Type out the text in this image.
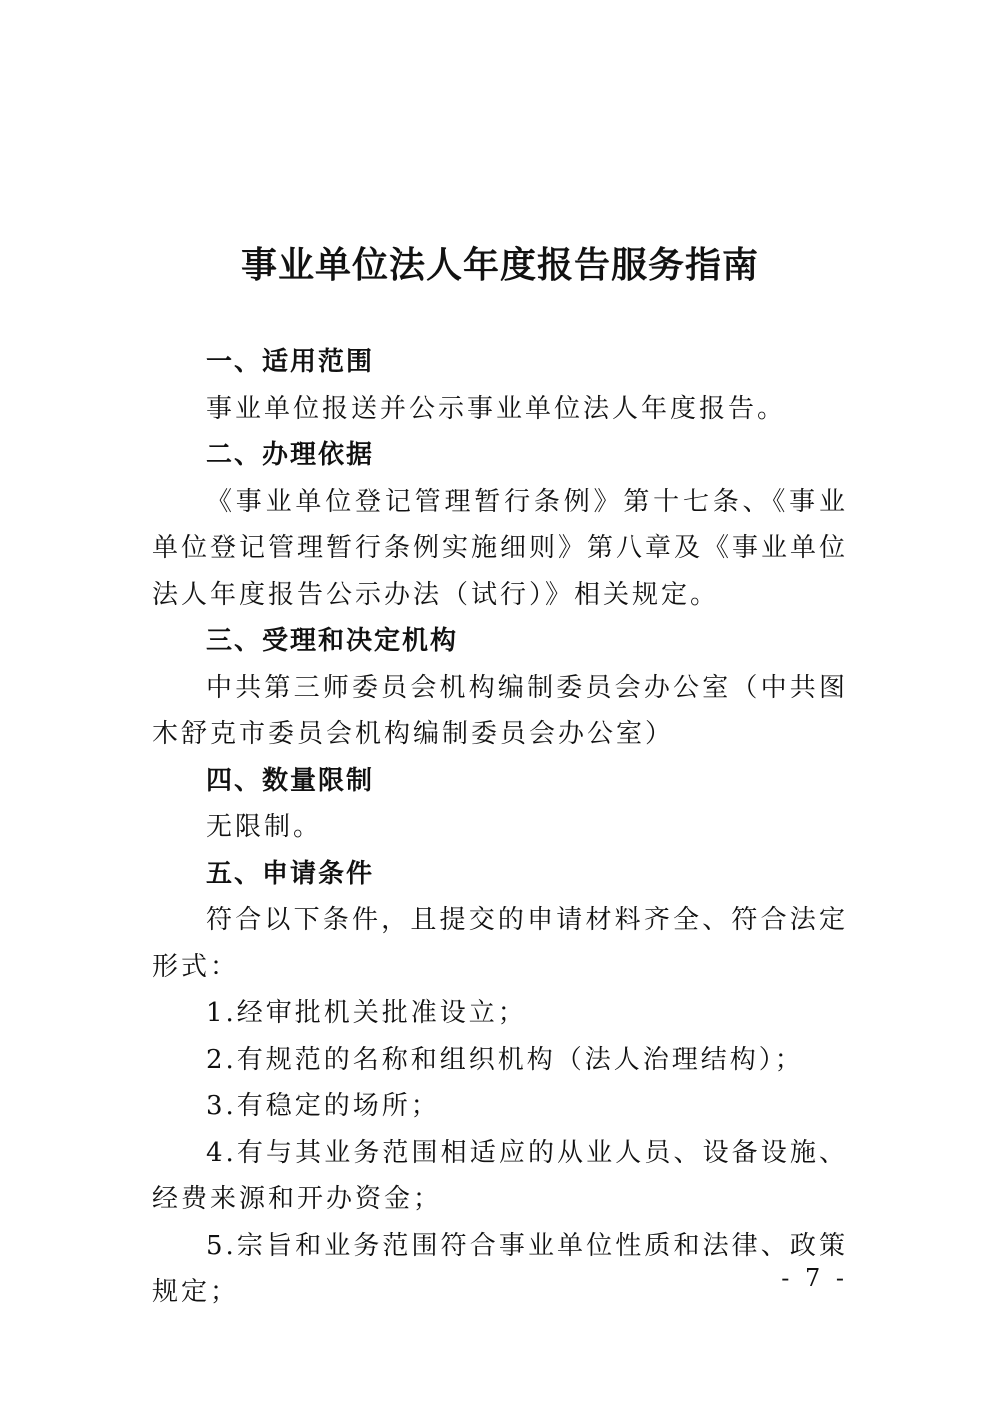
事业单位法人年度报告服务指南

一、适用范围

事业单位报送并公示事业单位法人年度报告。

二、办理依据

《事业单位登记管理暂行条例》第十七条、《事业单位登记管理暂行条例实施细则》第八章及《事业单位法人年度报告公示办法（试行）》相关规定。

三、受理和决定机构

中共第三师委员会机构编制委员会办公室（中共图木舒克市委员会机构编制委员会办公室）

四、数量限制

无限制。

五、申请条件

符合以下条件，且提交的申请材料齐全、符合法定形式：

1.经审批机关批准设立；

2.有规范的名称和组织机构（法人治理结构）；

3.有稳定的场所；

4.有与其业务范围相适应的从业人员、设备设施、经费来源和开办资金；

5.宗旨和业务范围符合事业单位性质和法律、政策规定；	- 7 -
